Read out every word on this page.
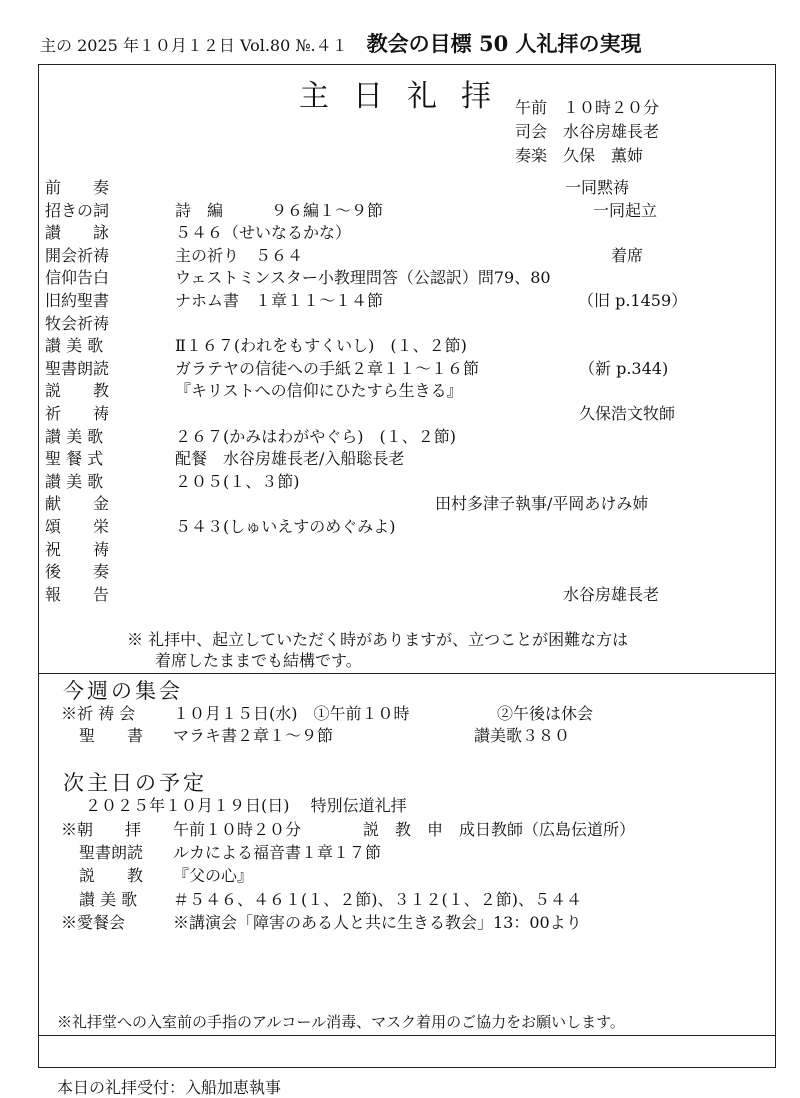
主の 2025 年１０月１２日 Vol.80 №.４１ 教会の目標 50 人礼拝の実現
主日礼拝 午前　１０時２０分
司会　水谷房雄長老
奏楽　久保　薫姉
前　　奏	一同黙祷
招きの詞	詩　編　　　９６編１～９節	一同起立
讃　　詠	５４６（せいなるかな）
開会祈祷	主の祈り　５６４	着席
信仰告白	ウェストミンスター小教理問答（公認訳）問79、80
旧約聖書	ナホム書　１章１１～１４節	（旧 p.1459）
牧会祈祷
讃 美 歌	Ⅱ１６７(われをもすくいし)　(１、２節)
聖書朗読	ガラテヤの信徒への手紙２章１１～１６節	（新 p.344)
説　　教	『キリストへの信仰にひたすら生きる』
祈　　祷	久保浩文牧師
讃 美 歌	２６７(かみはわがやぐら)　(１、２節)
聖 餐 式	配餐　水谷房雄長老/入船聡長老
讃 美 歌	２０５(１、３節)
献　　金	田村多津子執事/平岡あけみ姉
頌　　栄	５４３(しゅいえすのめぐみよ)
祝　　祷
後　　奏
報　　告	水谷房雄長老
※ 礼拝中、起立していただく時がありますが、立つことが困難な方は
着席したままでも結構です。
今週の集会
※祈 祷 会 １０月１５日(水)　①午前１０時	②午後は休会
聖　　書 マラキ書２章１～９節	讃美歌３８０
次主日の予定
２０２５年１０月１９日(日)　 特別伝道礼拝
※朝　　拝 午前１０時２０分	説　教　申　成日教師（広島伝道所）
聖書朗読 ルカによる福音書１章１７節
説　　教 『父の心』
讃 美 歌 ＃５４６、４６１(１、２節)、３１２(１、２節)、５４４
※愛餐会	※講演会「障害のある人と共に生きる教会」13：00より
※礼拝堂への入室前の手指のアルコール消毒、マスク着用のご協力をお願いします。
本日の礼拝受付：入船加恵執事
